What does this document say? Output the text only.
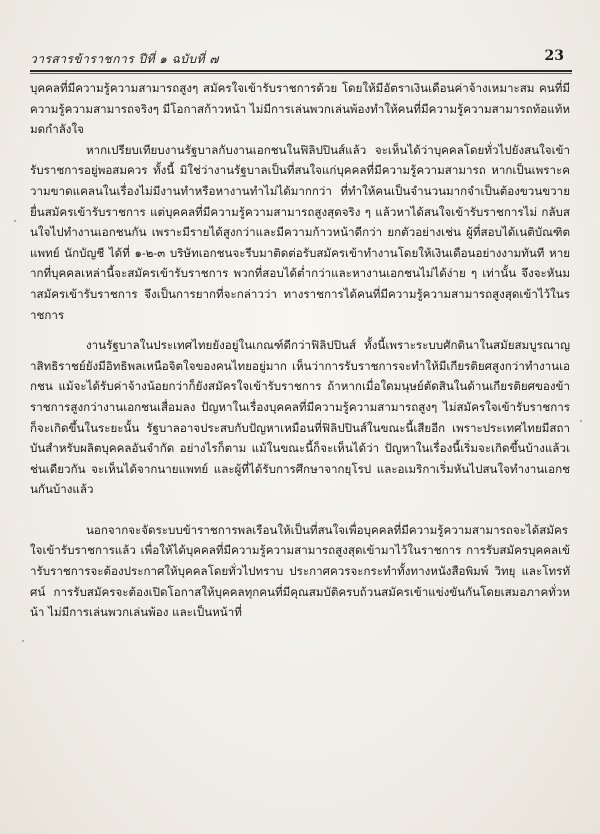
วารสารข้าราชการ ปีที่ ๑ ฉบับที่ ๗	23

บุคคลที่มีความรู้ความสามารถสูงๆ สมัครใจเข้ารับราชการด้วย โดยให้มีอัตราเงินเดือนค่าจ้างเหมาะสม คนที่มีความรู้ความสามารถจริงๆ มีโอกาสก้าวหน้า ไม่มีการเล่นพวกเล่นพ้องทำให้คนที่มีความรู้ความสามารถท้อแท้หมดกำลังใจ

หากเปรียบเทียบงานรัฐบาลกับงานเอกชนในฟิลิปปินส์แล้ว จะเห็นได้ว่าบุคคลโดยทั่วไปยังสนใจเข้ารับราชการอยู่พอสมควร ทั้งนี้ มิใช่ว่างานรัฐบาลเป็นที่สนใจแก่บุคคลที่มีความรู้ความสามารถ หากเป็นเพราะความขาดแคลนในเรื่องไม่มีงานทำหรือหางานทำไม่ได้มากกว่า ที่ทำให้คนเป็นจำนวนมากจำเป็นต้องขวนขวายยื่นสมัครเข้ารับราชการ แต่บุคคลที่มีความรู้ความสามารถสูงสุดจริง ๆ แล้วหาได้สนใจเข้ารับราชการไม่ กลับสนใจไปทำงานเอกชนกัน เพราะมีรายได้สูงกว่าและมีความก้าวหน้าดีกว่า ยกตัวอย่างเช่น ผู้ที่สอบได้เนติบัณฑิต แพทย์ นักบัญชี ได้ที่ ๑-๒-๓ บริษัทเอกชนจะรีบมาติดต่อรับสมัครเข้าทำงานโดยให้เงินเดือนอย่างงามทันที หายากที่บุคคลเหล่านี้จะสมัครเข้ารับราชการ พวกที่สอบได้ต่ำกว่าและหางานเอกชนไม่ได้ง่าย ๆ เท่านั้น จึงจะหันมาสมัครเข้ารับราชการ จึงเป็นการยากที่จะกล่าวว่า ทางราชการได้คนที่มีความรู้ความสามารถสูงสุดเข้าไว้ในราชการ

งานรัฐบาลในประเทศไทยยังอยู่ในเกณฑ์ดีกว่าฟิลิปปินส์ ทั้งนี้เพราะระบบศักดินาในสมัยสมบูรณาญาสิทธิราชย์ยังมีอิทธิพลเหนือจิตใจของคนไทยอยู่มาก เห็นว่าการรับราชการจะทำให้มีเกียรติยศสูงกว่าทำงานเอกชน แม้จะได้รับค่าจ้างน้อยกว่าก็ยังสมัครใจเข้ารับราชการ ถ้าหากเมื่อใดมนุษย์ตัดสินในด้านเกียรติยศของข้าราชการสูงกว่างานเอกชนเสื่อมลง ปัญหาในเรื่องบุคคลที่มีความรู้ความสามารถสูงๆ ไม่สมัครใจเข้ารับราชการก็จะเกิดขึ้นในระยะนั้น รัฐบาลอาจประสบกับปัญหาเหมือนที่ฟิลิปปินส์ในขณะนี้เสียอีก เพราะประเทศไทยมีสถาบันสำหรับผลิตบุคคลอันจำกัด อย่างไรก็ตาม แม้ในขณะนี้ก็จะเห็นได้ว่า ปัญหาในเรื่องนี้เริ่มจะเกิดขึ้นบ้างแล้วเช่นเดียวกัน จะเห็นได้จากนายแพทย์ และผู้ที่ได้รับการศึกษาจากยุโรป และอเมริกาเริ่มหันไปสนใจทำงานเอกชนกันบ้างแล้ว

นอกจากจะจัดระบบข้าราชการพลเรือนให้เป็นที่สนใจเพื่อบุคคลที่มีความรู้ความสามารถจะได้สมัครใจเข้ารับราชการแล้ว เพื่อให้ได้บุคคลที่มีความรู้ความสามารถสูงสุดเข้ามาไว้ในราชการ การรับสมัครบุคคลเข้ารับราชการจะต้องประกาศให้บุคคลโดยทั่วไปทราบ ประกาศควรจะกระทำทั้งทางหนังสือพิมพ์ วิทยุ และโทรทัศน์ การรับสมัครจะต้องเปิดโอกาสให้บุคคลทุกคนที่มีคุณสมบัติครบถ้วนสมัครเข้าแข่งขันกันโดยเสมอภาคทั่วหน้า ไม่มีการเล่นพวกเล่นพ้อง และเป็นหน้าที่
